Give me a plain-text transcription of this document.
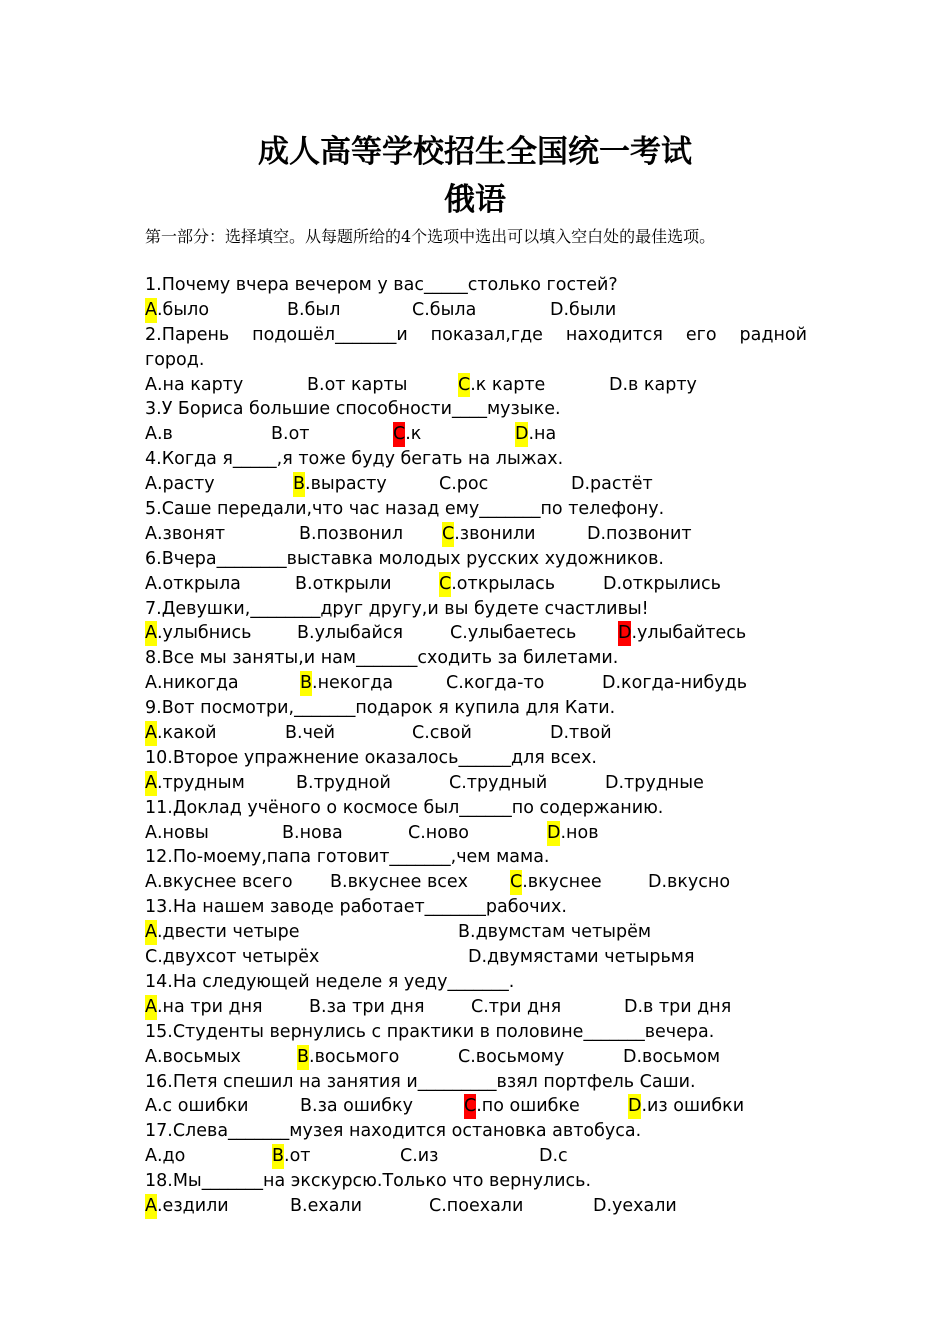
成人高等学校招生全国统一考试
俄语
第一部分：选择填空。从每题所给的4个选项中选出可以填入空白处的最佳选项。
1.Почему вчера вечером у вас_____столько гостей?
A.было	B.был	C.была	D.были
2.Парень подошёл_______и показал,где находится его радной
город.
A.на карту	B.от карты	C.к карте	D.в карту
3.У Бориса большие способности____музыке.
A.в	B.от	C.к	D.на
4.Когда я_____,я тоже буду бегать на лыжах.
A.расту	B.вырасту	C.рос	D.растёт
5.Саше передали,что час назад ему_______по телефону.
A.звонят	B.позвонил C.звонили	D.позвонит
6.Вчера________выставка молодых русских художников.
A.открыла	B.открыли	C.открылась	D.открылись
7.Девушки,________друг другу,и вы будете счастливы!
A.улыбнись	B.улыбайся	C.улыбаетесь D.улыбайтесь
8.Все мы заняты,и нам_______сходить за билетами.
A.никогда	B.некогда	C.когда-то	D.когда-нибудь
9.Вот посмотри,_______подарок я купила для Кати.
A.какой	B.чей	C.свой	D.твой
10.Второе упражнение оказалось______для всех.
A.трудным	B.трудной	C.трудный	D.трудные
11.Доклад учёного о космосе был______по содержанию.
A.новы	B.нова	C.ново	D.нов
12.По-моему,папа готовит_______,чем мама.
A.вкуснее всего B.вкуснее всех C.вкуснее	D.вкусно
13.На нашем заводе работает_______рабочих.
A.двести четыре	B.двумстам четырём
C.двухсот четырёх	D.двумястами четырьмя
14.На следующей неделе я уеду_______.
A.на три дня	B.за три дня	C.три дня	D.в три дня
15.Студенты вернулись с практики в половине_______вечера.
A.восьмых	B.восьмого	C.восьмому	D.восьмом
16.Петя спешил на занятия и_________взял портфель Саши.
A.с ошибки	B.за ошибку	C.по ошибке	D.из ошибки
17.Слева_______музея находится остановка автобуса.
A.до	B.от	C.из	D.с
18.Мы_______на экскурсю.Только что вернулись.
A.ездили	B.ехали	C.поехали	D.уехали
